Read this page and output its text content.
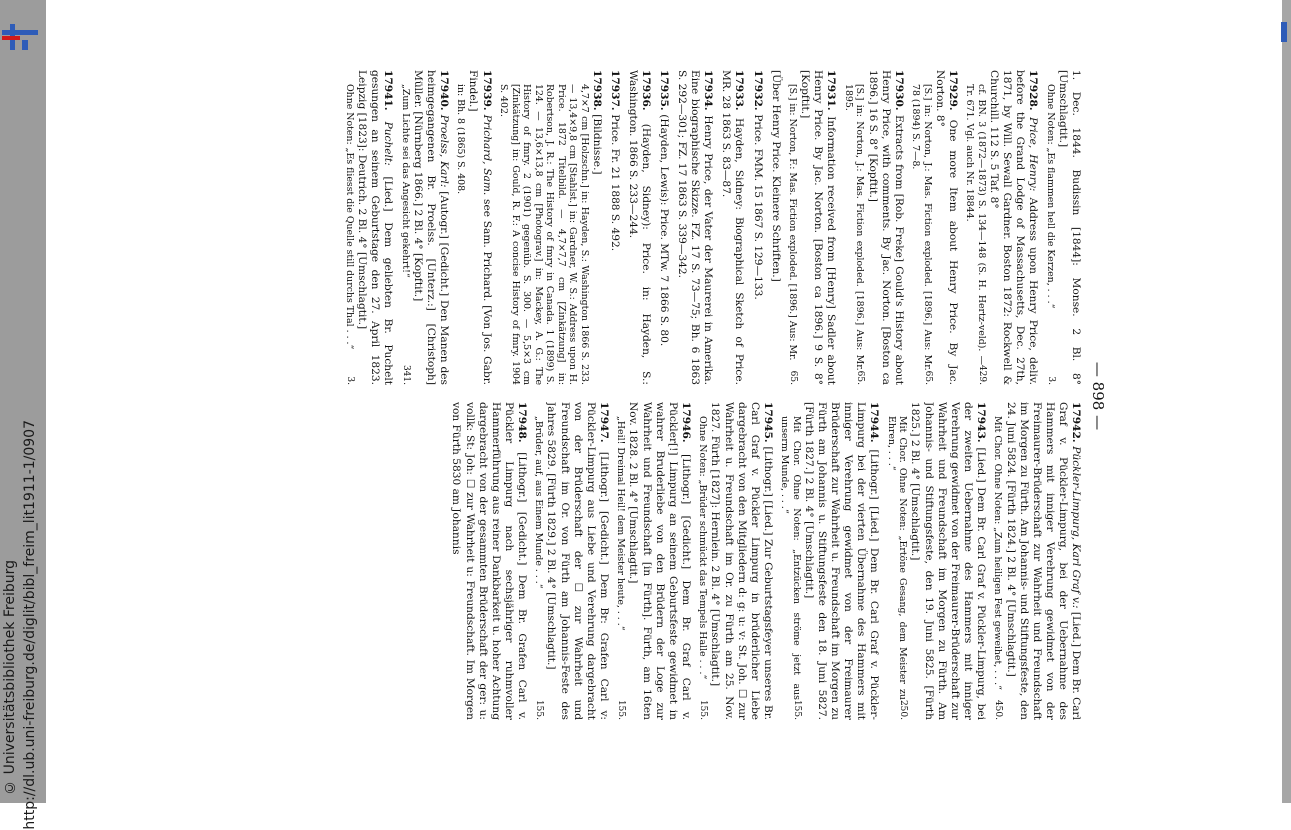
http://dl.ub.uni-freiburg.de/diglit/bibl_freim_lit1911-1/0907
© Universitätsbibliothek Freiburg
— 898 —
1. Dec. 1844. Budissin [1844]: Monse. 2 Bl. 8° [Umschlagtit.]
3.
Ohne Noten: „Es flammen hell die Kerzen, . . .“
17928. Price, Henry: Address upon Henry Price, deliv. before the Grand Lodge of Massachusetts, Dec. 27th, 1871, by Will. Sewall Gardner. Boston 1872: Rockwell & Churchill. 112 S. 5 Taf. 8°
429.
cf. BN. 3 (1872—1873) S. 134—148 (S. H. Hertz-veld). — Tr. 671. Vgl. auch Nr. 18844.
17929. One more Item about Henry Price. By Jac. Norton. 8°
65.
[S.] in: Norton, J.: Mas. Fiction exploded. [1896.] Aus: Mr. 78 (1894) S. 7—8.
17930. Extracts from [Rob. Freke] Gould's History about Henry Price, with comments. By Jac. Norton. [Boston ca 1896.] 16 S. 8° [Kopftit.]
65.
[S.] in: Norton, J.: Mas. Fiction exploded. [1896.] Aus: Mr. 1895.
17931. Information received from [Henry] Sadler about Henry Price. By Jac. Norton. [Boston ca 1896.] 9 S. 8° [Kopftit.]
65.
[S.] in: Norton, F.: Mas. Fiction exploded. [1896.] Aus: Mr.
[Über Henry Price. Kleinere Schriften.]
17932. Price. FMM. 15 1867 S. 129—133.
17933. Hayden, Sidney: Biographical Sketch of Price. MR. 28 1863 S. 83—87.
17934. Henry Price, der Vater der Maurerei in Amerika. Eine biographische Skizze. FZ. 17 S. 73—75; Bh. 6 1863 S. 292—301; FZ. 17 1863 S. 339—342.
17935. (Hayden, Lewis): Price. MTw. 7 1866 S. 80.
17936. (Hayden, Sidney): Price. in: Hayden, S.: Washington. 1866 S. 233—244.
17937. Price. Fr. 21 1888 S. 492.
17938. [Bildnisse.]
4,7×7 cm [Holzschn.] in: Hayden, S.: Washington 1866 S. 233. — 13,4×9,8 cm [Stahlst.] in: Gardner, W. S.: Address upon H. Price. 1872 Titelbild. — 4,7×7,7 cm [Zinkätzung] in: Robertson, J. R.: The History of fmry in Canada. 1 (1899) S. 124. — 13,6×13,8 cm [Photograv.] in: Mackey, A. G.: The History of fmry. 2 (1901) gegenüb. S. 300. — 5,5×3 cm [Zinkätzung] in: Gould, R. F.: A concise History of fmry. 1904 S. 402.
17939. Prichard, Sam. see Sam. Prichard. [Von Jos. Gabr. Findel.]
in: Bh. 8 (1865) S. 408.
17940. Proelss, Karl: [Autogr.] [Gedicht.] Den Manen des heimgegangenen Br. Proelss. [Unterz.:] [Christoph] Müller. [Nürnberg 1866.] 2 Bl. 4° [Kopftit.]
341.
„Zum Lichte sei das Angesicht gekehrt!“
17941. Puchelt: [Lied.] Dem geliebten Br. Puchelt gesungen an seinem Geburtstage den 27. April 1823. Leipzig [1823]: Deutrich. 2 Bl. 4° [Umschlagtit.]
3.
Ohne Noten: „Es fliesst die Quelle still durchs Thal . . .“
17942. Pückler-Limpurg, Karl Graf v.: [Lied.] Dem Br. Carl Graf v. Pückler-Limpurg, bei der Uebernahme des Hammers mit inniger Verehrung gewidmet von der Freimaurer-Brüderschaft zur Wahrheit und Freundschaft im Morgen zu Fürth. Am Johannis- und Stiftungsfeste, den 24. Juni 5824. [Fürth 1824.] 2 Bl. 4° [Umschlagtit.]
450.
Mit Chor. Ohne Noten: „Zum heiligen Fest geweihet, . . .“
17943. [Lied.] Dem Br. Carl Graf v. Pückler-Limpurg, bei der zweiten Uebernahme des Hammers mit inniger Verehrung gewidmet von der Freimaurer-Brüderschaft zur Wahrheit und Freundschaft im Morgen zu Fürth. Am Johannis- und Stiftungsfeste, den 19. Juni 5825. [Fürth 1825.] 2 Bl. 4° [Umschlagtit.]
250.
Mit Chor. Ohne Noten: „Ertöne Gesang, dem Meister zu Ehren, . . .“
17944. [Lithogr.] [Lied.] Dem Br. Carl Graf v. Pückler-Limpurg bei der vierten Übernahme des Hammers mit inniger Verehrung gewidmet von der Freimaurer Brüderschaft zur Wahrheit u. Freundschaft im Morgen zu Fürth am Johannis u. Stiftungsfeste den 18. Juni 5827. [Fürth 1827.] 2 Bl. 4° [Umschlagtit.]
155.
Mit Chor. Ohne Noten: „Entzücken ströme jetzt aus unserm Munde, . . .“
17945. [Lithogr.] [Lied.] Zur Geburtstagsfeyer unseres Br. Carl Graf v. Pückler Limpurg in brüderlicher Liebe dargebracht von den Mitgliedern d: g: u: v: St. Joh. ☐ zur Wahrheit u. Freundschaft im Or. zu Fürth am 25. Nov. 1827. Fürth [1827]: Hernlein. 2 Bl. 4° [Umschlagtit.]
155.
Ohne Noten: „Brüder schmückt das Tempels Halle . . .“
17946. [Lithogr.] [Gedicht.] Dem Br. Graf Carl v. Pückler[!] Limpurg an seinem Geburtsfeste gewidmet in wahrer Bruderliebe von den Brüdern der Loge zur Wahrheit und Freundschaft [in Fürth]. Fürth, am 16ten Nov. 1828. 2 Bl. 4° [Umschlagtit.]
155.
„Heil! Dreimal Heil! dem Meister heute, . . .“
17947. [Lithogr.] [Gedicht.] Dem Br: Grafen Carl v: Pückler-Limpurg aus Liebe und Verehrung dargebracht von der Brüderschaft der ☐ zur Wahrheit und Freundschaft im Or. von Fürth am Johannis-Feste des Jahres 5829. [Fürth 1829.] 2 Bl. 4° [Umschlagtit.]
155.
„Brüder, auf, aus Einem Munde . . .“
17948. [Lithogr.] [Gedicht.] Dem Br. Grafen Carl v. Pückler Limpurg nach sechsjähriger ruhmvoller Hammerführung aus reiner Dankbarkeit u. hoher Achtung dargebracht von der gesammten Brüderschaft der ger: u: vollk: St: Joh: ☐ zur Wahrheit u: Freundschaft. Im Morgen von Fürth 5830 am Johannis
